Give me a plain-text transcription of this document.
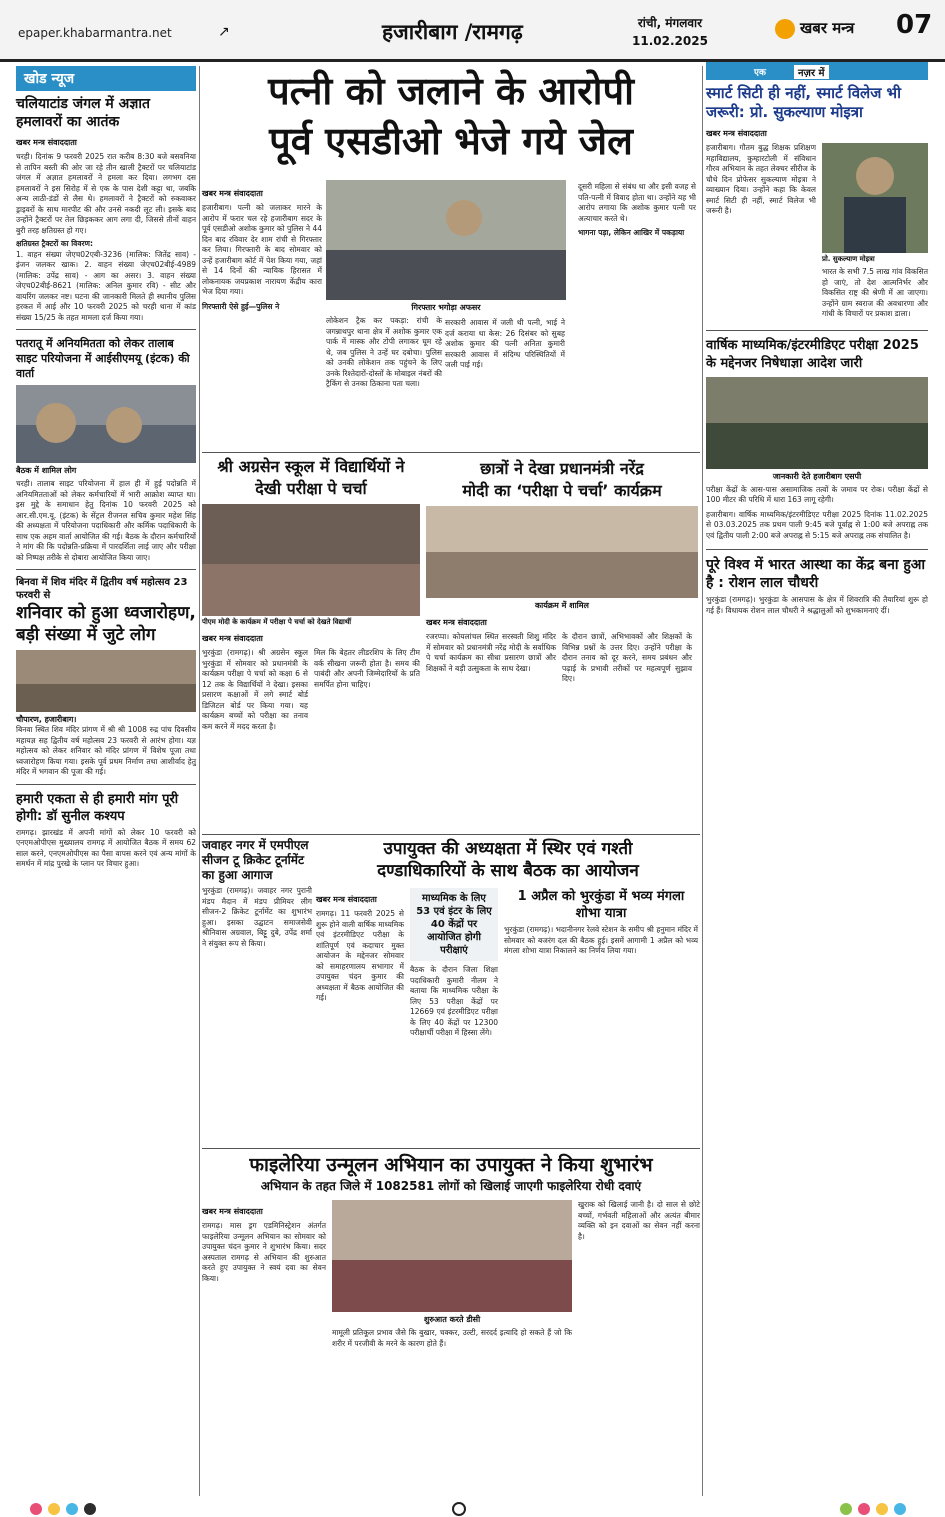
epaper.khabarmantra.net	↗	हजारीबाग /रामगढ़	रांची, मंगलवार
11.02.2025
खबर मन्त्र 07
खोड न्यूज
चलियाटांड जंगल में अज्ञात हमलावरों का आतंक
खबर मन्त्र संवाददाता
चरही। दिनांक 9 फरवरी 2025 रात करीब 8:30 बजे बसवनिया से तापिन बस्ती की ओर जा रहे तीन खाली ट्रैक्टरों पर चलियाटांड जंगल में अज्ञात हमलावरों ने हमला कर दिया। लगभग दस हमलावरों ने इस सिरोह में से एक के पास देशी कट्टा था, जबकि अन्य लाठी-डंडों से लैस थे। हमलावरों ने ट्रैक्टरों को रुकवाकर ड्राइवरों के साथ मारपीट की और उनसे नकदी लूट ली। इसके बाद उन्होंने ट्रैक्टरों पर तेल छिड़ककर आग लगा दी, जिससे तीनों वाहन बुरी तरह क्षतिग्रस्त हो गए।
क्षतिग्रस्त ट्रैक्टरों का विवरण:
1. वाहन संख्या जेएच02एबी-3236 (मालिक: जितेंद्र साव) - इंजन जलकर खाक। 2. वाहन संख्या जेएच02बीई-4989 (मालिक: उपेंद्र साव) - आग का असर। 3. वाहन संख्या जेएच02बीई-8621 (मालिक: अनिल कुमार रवि) - सीट और वायरिंग जलकर नष्ट। घटना की जानकारी मिलते ही स्थानीय पुलिस हरकत में आई और 10 फरवरी 2025 को चरही थाना में कांड संख्या 15/25 के तहत मामला दर्ज किया गया।
पतरातू में अनियमितता को लेकर तालाब साइट परियोजना में आईसीएमयू (इंटक) की वार्ता
बैठक में शामिल लोग
चरही। तालाब साइट परियोजना में हाल ही में हुई पदोन्नति में अनियमितताओं को लेकर कर्मचारियों में भारी आक्रोश व्याप्त था। इस मुद्दे के समाधान हेतु दिनांक 10 फरवरी 2025 को आर.सी.एम.यू. (इंटक) के सेंट्रल रीजनल सचिव कुमार महेश सिंह की अध्यक्षता में परियोजना पदाधिकारी और कर्मिक पदाधिकारी के साथ एक अहम वार्ता आयोजित की गई। बैठक के दौरान कर्मचारियों ने मांग की कि पदोन्नति-प्रक्रिया में पारदर्शिता लाई जाए और परीक्षा को निष्पक्ष तरीके से दोबारा आयोजित किया जाए।
बिनवा में शिव मंदिर में द्वितीय वर्ष महोत्सव 23 फरवरी से
शनिवार को हुआ ध्वजारोहण, बड़ी संख्या में जुटे लोग
चौपारण, हजारीबाग।
बिनवा स्थित शिव मंदिर प्रांगण में श्री श्री 1008 रुद्र पांच दिवसीय महायज्ञ सह द्वितीय वर्ष महोत्सव 23 फरवरी से आरंभ होगा। यज्ञ महोत्सव को लेकर शनिवार को मंदिर प्रांगण में विशेष पूजा तथा ध्वजारोहण किया गया। इसके पूर्व प्रथम निर्माण तथा आशीर्वाद हेतु मंदिर में भगवान की पूजा की गई।
हमारी एकता से ही हमारी मांग पूरी होगी: डॉ सुनील कश्यप
रामगढ़। झारखंड में अपनी मांगों को लेकर 10 फरवरी को एनएमओपीएस मुख्यालय रामगढ़ में आयोजित बैठक में समय 62 साल करने, एनएमओपीएस का पैसा वापस करने एवं अन्य मांगों के समर्थन में मांद्र पुरखे के प्लान पर विचार हुआ।
पत्नी को जलाने के आरोपी
पूर्व एसडीओ भेजे गये जेल
खबर मन्त्र संवाददाता
हजारीबाग। पत्नी को जलाकर मारने के आरोप में फरार चल रहे हजारीबाग सदर के पूर्व एसडीओ अशोक कुमार को पुलिस ने 44 दिन बाद रविवार देर शाम रांची से गिरफ्तार कर लिया। गिरफ्तारी के बाद सोमवार को उन्हें हजारीबाग कोर्ट में पेश किया गया, जहां से 14 दिनों की न्यायिक हिरासत में लोकनायक जयप्रकाश नारायण केंद्रीय कारा भेज दिया गया।
गिरफ्तारी ऐसे हुई—पुलिस ने	गिरफ्तार भगोड़ा अफसर
लोकेशन ट्रैक कर पकड़ा: रांची के जगन्नाथपुर थाना क्षेत्र में अशोक कुमार एक पार्क में मास्क और टोपी लगाकर घूम रहे थे, जब पुलिस ने उन्हें घर दबोचा। पुलिस को उनकी लोकेशन तक पहुंचने के लिए उनके रिश्तेदारों-दोस्तों के मोबाइल नंबरों की ट्रैकिंग से उनका ठिकाना पता चला।
सरकारी आवास में जली थी पत्नी, भाई ने दर्ज कराया था केस: 26 दिसंबर को सुबह अशोक कुमार की पत्नी अनिता कुमारी सरकारी आवास में संदिग्ध परिस्थितियों में जली पाई गई।
दूसरी महिला से संबंध था और इसी वजह से पति-पत्नी में विवाद होता था। उन्होंने यह भी आरोप लगाया कि अशोक कुमार पत्नी पर अत्याचार करते थे।
भागना पड़ा, लेकिन आखिर में पकड़ाया
श्री अग्रसेन स्कूल में विद्यार्थियों ने देखी परीक्षा पे चर्चा
पीएम मोदी के कार्यक्रम में परीक्षा पे चर्चा को देखते विद्यार्थी
खबर मन्त्र संवाददाता
भुरकुंडा (रामगढ़)। श्री अग्रसेन स्कूल भुरकुंडा में सोमवार को प्रधानमंत्री के कार्यक्रम परीक्षा पे चर्चा को कक्षा 6 से 12 तक के विद्यार्थियों ने देखा। इसका प्रसारण कक्षाओं में लगे स्मार्ट बोर्ड डिजिटल बोर्ड पर किया गया। यह कार्यक्रम बच्चों को परीक्षा का तनाव कम करने में मदद करता है।
मिल कि बेहतर लीडरशिप के लिए टीम वर्क सीखना जरूरी होता है। समय की पाबंदी और अपनी जिम्मेदारियों के प्रति समर्पित होना चाहिए।
छात्रों ने देखा प्रधानमंत्री नरेंद्र
मोदी का ‘परीक्षा पे चर्चा’ कार्यक्रम
कार्यक्रम में शामिल
खबर मन्त्र संवाददाता
रजरप्पा। कोयलांचल स्थित सरस्वती शिशु मंदिर में सोमवार को प्रधानमंत्री नरेंद्र मोदी के सर्वाधिक पे चर्चा कार्यक्रम का सीधा प्रसारण छात्रों और शिक्षकों ने बड़ी उत्सुकता के साथ देखा।
के दौरान छात्रों, अभिभावकों और शिक्षकों के विभिन्न प्रश्नों के उत्तर दिए। उन्होंने परीक्षा के दौरान तनाव को दूर करने, समय प्रबंधन और पढ़ाई के प्रभावी तरीकों पर महत्वपूर्ण सुझाव दिए।
जवाहर नगर में एमपीएल सीजन टू क्रिकेट टूर्नामेंट का हुआ आगाज
भुरकुंडा (रामगढ़)। जवाहर नगर पुरानी मंडप मैदान में मंडप प्रीमियर लीग सीजन-2 क्रिकेट टूर्नामेंट का शुभारंभ हुआ। इसका उद्घाटन समाजसेवी श्रीनिवास अग्रवाल, बिट्टू दुबे, उपेंद्र शर्मा ने संयुक्त रूप से किया।
उपायुक्त की अध्यक्षता में स्थिर एवं गश्ती
दण्डाधिकारियों के साथ बैठक का आयोजन
खबर मन्त्र संवाददाता
रामगढ़। 11 फरवरी 2025 से शुरू होने वाली वार्षिक माध्यमिक एवं इंटरमीडिएट परीक्षा के शांतिपूर्ण एवं कदाचार मुक्त आयोजन के मद्देनजर सोमवार को समाहरणालय सभागार में उपायुक्त चंदन कुमार की अध्यक्षता में बैठक आयोजित की गई।
माध्यमिक के लिए 53 एवं इंटर के लिए 40 केंद्रों पर आयोजित होगी परीक्षाएं
बैठक के दौरान जिला शिक्षा पदाधिकारी कुमारी नीलम ने बताया कि माध्यमिक परीक्षा के लिए 53 परीक्षा केंद्रों पर 12669 एवं इंटरमीडिएट परीक्षा के लिए 40 केंद्रों पर 12300 परीक्षार्थी परीक्षा में हिस्सा लेंगे।
1 अप्रैल को भुरकुंडा में भव्य मंगला शोभा यात्रा
भुरकुंडा (रामगढ़)। भदानीनगर रेलवे स्टेशन के समीप श्री हनुमान मंदिर में सोमवार को बजरंग दल की बैठक हुई। इसमें आगामी 1 अप्रैल को भव्य मंगला शोभा यात्रा निकालने का निर्णय लिया गया।
फाइलेरिया उन्मूलन अभियान का उपायुक्त ने किया शुभारंभ
अभियान के तहत जिले में 1082581 लोगों को खिलाई जाएगी फाइलेरिया रोधी दवाएं
खबर मन्त्र संवाददाता
रामगढ़। मास ड्रग एडमिनिस्ट्रेशन अंतर्गत फाइलेरिया उन्मूलन अभियान का सोमवार को उपायुक्त चंदन कुमार ने शुभारंभ किया। सदर अस्पताल रामगढ़ से अभियान की शुरुआत करते हुए उपायुक्त ने स्वयं दवा का सेवन किया।
शुरुआत करते डीसी
मामूली प्रतिकूल प्रभाव जैसे कि बुखार, चक्कर, उल्टी, सरदर्द इत्यादि हो सकते हैं जो कि शरीर में परजीवी के मरने के कारण होते हैं।
खुराक को खिलाई जानी है। दो साल से छोटे बच्चों, गर्भवती महिलाओं और अत्यंत बीमार व्यक्ति को इन दवाओं का सेवन नहीं करना है।
एक	नज़र में
स्मार्ट सिटी ही नहीं, स्मार्ट विलेज भी जरूरी: प्रो. सुकल्याण मोइत्रा
खबर मन्त्र संवाददाता
हजारीबाग। गौतम बुद्ध शिक्षक प्रशिक्षण महाविद्यालय, कुम्हारटोली में संविधान गौरव अभियान के तहत लेक्चर सीरीज के चौथे दिन प्रोफेसर सुकल्याण मोइत्रा ने व्याख्यान दिया। उन्होंने कहा कि केवल स्मार्ट सिटी ही नहीं, स्मार्ट विलेज भी जरूरी है।
प्रो. सुकल्याण मोइत्रा
भारत के सभी 7.5 लाख गांव विकसित हो जाएं, तो देश आत्मनिर्भर और विकसित राष्ट्र की श्रेणी में आ जाएगा। उन्होंने ग्राम स्वराज की अवधारणा और गांधी के विचारों पर प्रकाश डाला।
वार्षिक माध्यमिक/इंटरमीडिएट परीक्षा 2025 के मद्देनजर निषेधाज्ञा आदेश जारी
जानकारी देते हजारीबाग एसपी
परीक्षा केंद्रों के आस-पास असामाजिक तत्वों के जमाव पर रोक। परीक्षा केंद्रों से 100 मीटर की परिधि में धारा 163 लागू रहेगी।
हजारीबाग। वार्षिक माध्यमिक/इंटरमीडिएट परीक्षा 2025 दिनांक 11.02.2025 से 03.03.2025 तक प्रथम पाली 9:45 बजे पूर्वाह्न से 1:00 बजे अपराह्न तक एवं द्वितीय पाली 2:00 बजे अपराह्न से 5:15 बजे अपराह्न तक संचालित है।
पूरे विश्व में भारत आस्था का केंद्र बना हुआ है : रोशन लाल चौधरी
भुरकुंडा (रामगढ़)। भुरकुंडा के आसपास के क्षेत्र में शिवरात्रि की तैयारियां शुरू हो गई हैं। विधायक रोशन लाल चौधरी ने श्रद्धालुओं को शुभकामनाएं दीं।
